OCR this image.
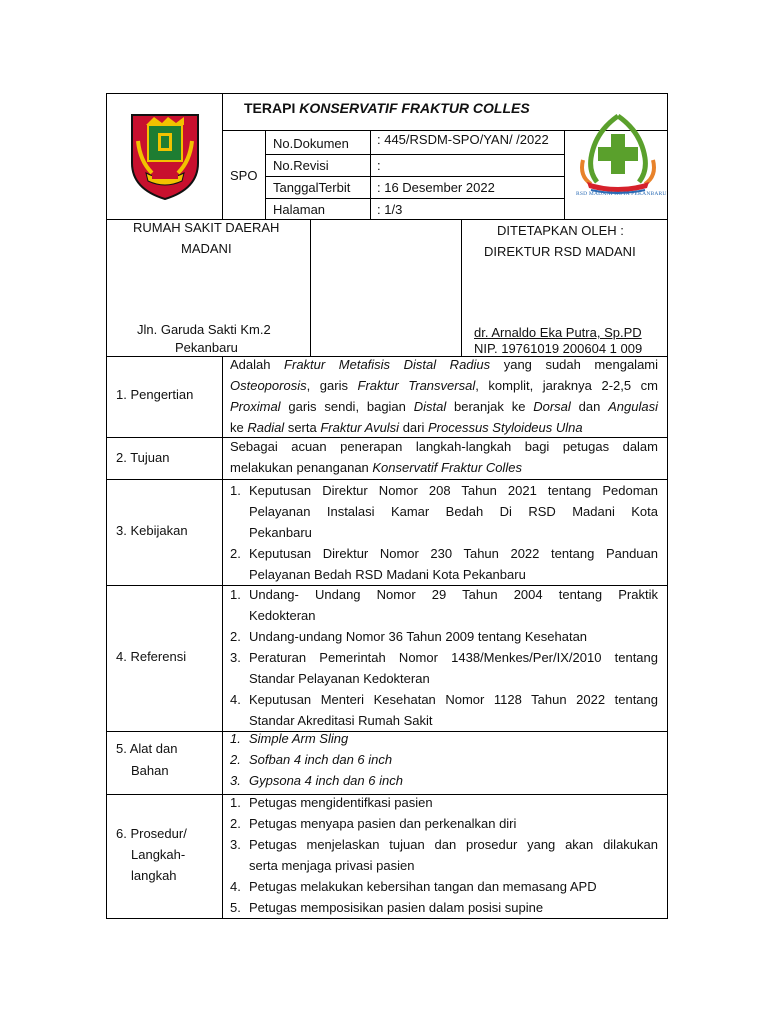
TERAPI KONSERVATIF FRAKTUR COLLES
SPO
No.Dokumen : 445/RSDM-SPO/YAN/ /2022
No.Revisi	:
TanggalTerbit : 16 Desember 2022
Halaman	: 1/3
RSD MADANI KOTA PEKANBARU
RUMAH SAKIT DAERAH
MADANI
Jln. Garuda Sakti Km.2
Pekanbaru
DITETAPKAN OLEH :
DIREKTUR RSD MADANI
dr. Arnaldo Eka Putra, Sp.PD
NIP. 19761019 200604 1 009
1. Pengertian
Adalah Fraktur Metafisis Distal Radius yang sudah mengalami
Osteoporosis, garis Fraktur Transversal, komplit, jaraknya 2-2,5 cm
Proximal garis sendi, bagian Distal beranjak ke Dorsal dan Angulasi
ke Radial serta Fraktur Avulsi dari Processus Styloideus Ulna
2. Tujuan
Sebagai acuan penerapan langkah-langkah bagi petugas dalam
melakukan penanganan Konservatif Fraktur Colles
3. Kebijakan
1. Keputusan Direktur Nomor 208 Tahun 2021 tentang Pedoman
Pelayanan Instalasi Kamar Bedah Di RSD Madani Kota
Pekanbaru
2. Keputusan Direktur Nomor 230 Tahun 2022 tentang Panduan
Pelayanan Bedah RSD Madani Kota Pekanbaru
4. Referensi
1. Undang- Undang Nomor 29 Tahun 2004 tentang Praktik
Kedokteran
2. Undang-undang Nomor 36 Tahun 2009 tentang Kesehatan
3. Peraturan Pemerintah Nomor 1438/Menkes/Per/IX/2010 tentang
Standar Pelayanan Kedokteran
4. Keputusan Menteri Kesehatan Nomor 1128 Tahun 2022 tentang
Standar Akreditasi Rumah Sakit
5. Alat dan
Bahan
1. Simple Arm Sling
2. Sofban 4 inch dan 6 inch
3. Gypsona 4 inch dan 6 inch
6. Prosedur/
Langkah-
langkah
1. Petugas mengidentifkasi pasien
2. Petugas menyapa pasien dan perkenalkan diri
3. Petugas menjelaskan tujuan dan prosedur yang akan dilakukan
serta menjaga privasi pasien
4. Petugas melakukan kebersihan tangan dan memasang APD
5. Petugas memposisikan pasien dalam posisi supine
